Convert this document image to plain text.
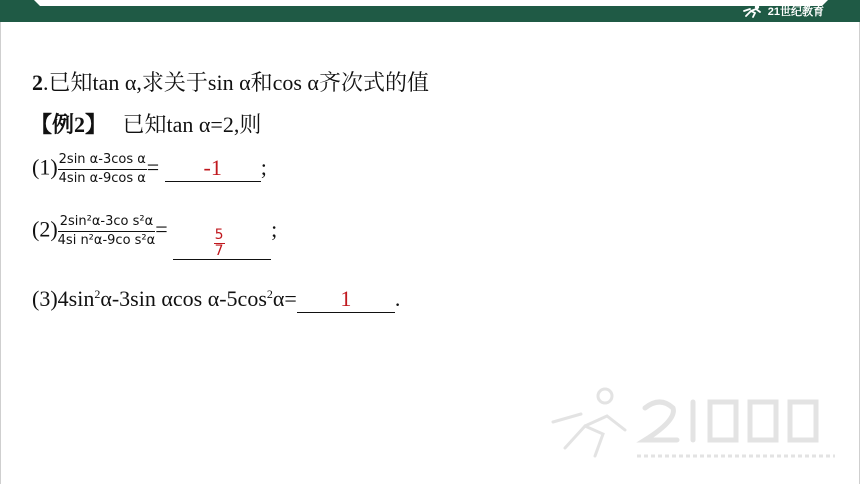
21世纪教育
2.已知tan α,求关于sin α和cos α齐次式的值
【例2】 已知tan α=2,则
$(1) \frac{\text{2sin α-3cos α}}{\text{4sin α-9cos α}} = -1$ ;
$(2) \frac{\text{2sin²α-3co s²α}}{\text{4si n²α-9co s²α}}$ =	$\frac{5}{7}$ ;
$(3)4\sin^2\alpha-3\sin$ αcos $\alpha-5\cos^2\alpha= 1$ .
